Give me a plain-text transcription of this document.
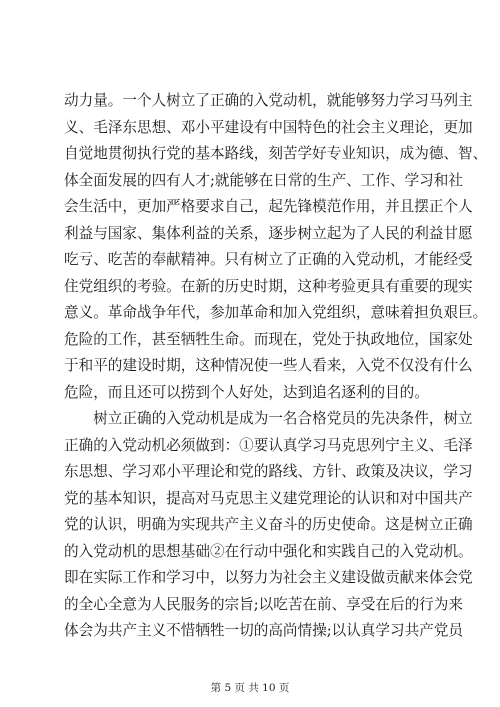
动力量。一个人树立了正确的入党动机，就能够努力学习马列主
义、毛泽东思想、邓小平建设有中国特色的社会主义理论，更加
自觉地贯彻执行党的基本路线，刻苦学好专业知识，成为德、智、
体全面发展的四有人才;就能够在日常的生产、工作、学习和社
会生活中，更加严格要求自己，起先锋模范作用，并且摆正个人
利益与国家、集体利益的关系，逐步树立起为了人民的利益甘愿
吃亏、吃苦的奉献精神。只有树立了正确的入党动机，才能经受
住党组织的考验。在新的历史时期，这种考验更具有重要的现实
意义。革命战争年代，参加革命和加入党组织，意味着担负艰巨。
危险的工作，甚至牺牲生命。而现在，党处于执政地位，国家处
于和平的建设时期，这种情况使一些人看来，入党不仅没有什么
危险，而且还可以捞到个人好处，达到追名逐利的目的。
　　树立正确的入党动机是成为一名合格党员的先决条件，树立
正确的入党动机必须做到：①要认真学习马克思列宁主义、毛泽
东思想、学习邓小平理论和党的路线、方针、政策及决议，学习
党的基本知识，提高对马克思主义建党理论的认识和对中国共产
党的认识，明确为实现共产主义奋斗的历史使命。这是树立正确
的入党动机的思想基础②在行动中强化和实践自己的入党动机。
即在实际工作和学习中，以努力为社会主义建设做贡献来体会党
的全心全意为人民服务的宗旨;以吃苦在前、享受在后的行为来
体会为共产主义不惜牺牲一切的高尚情操;以认真学习共产党员
第 5 页 共 10 页
